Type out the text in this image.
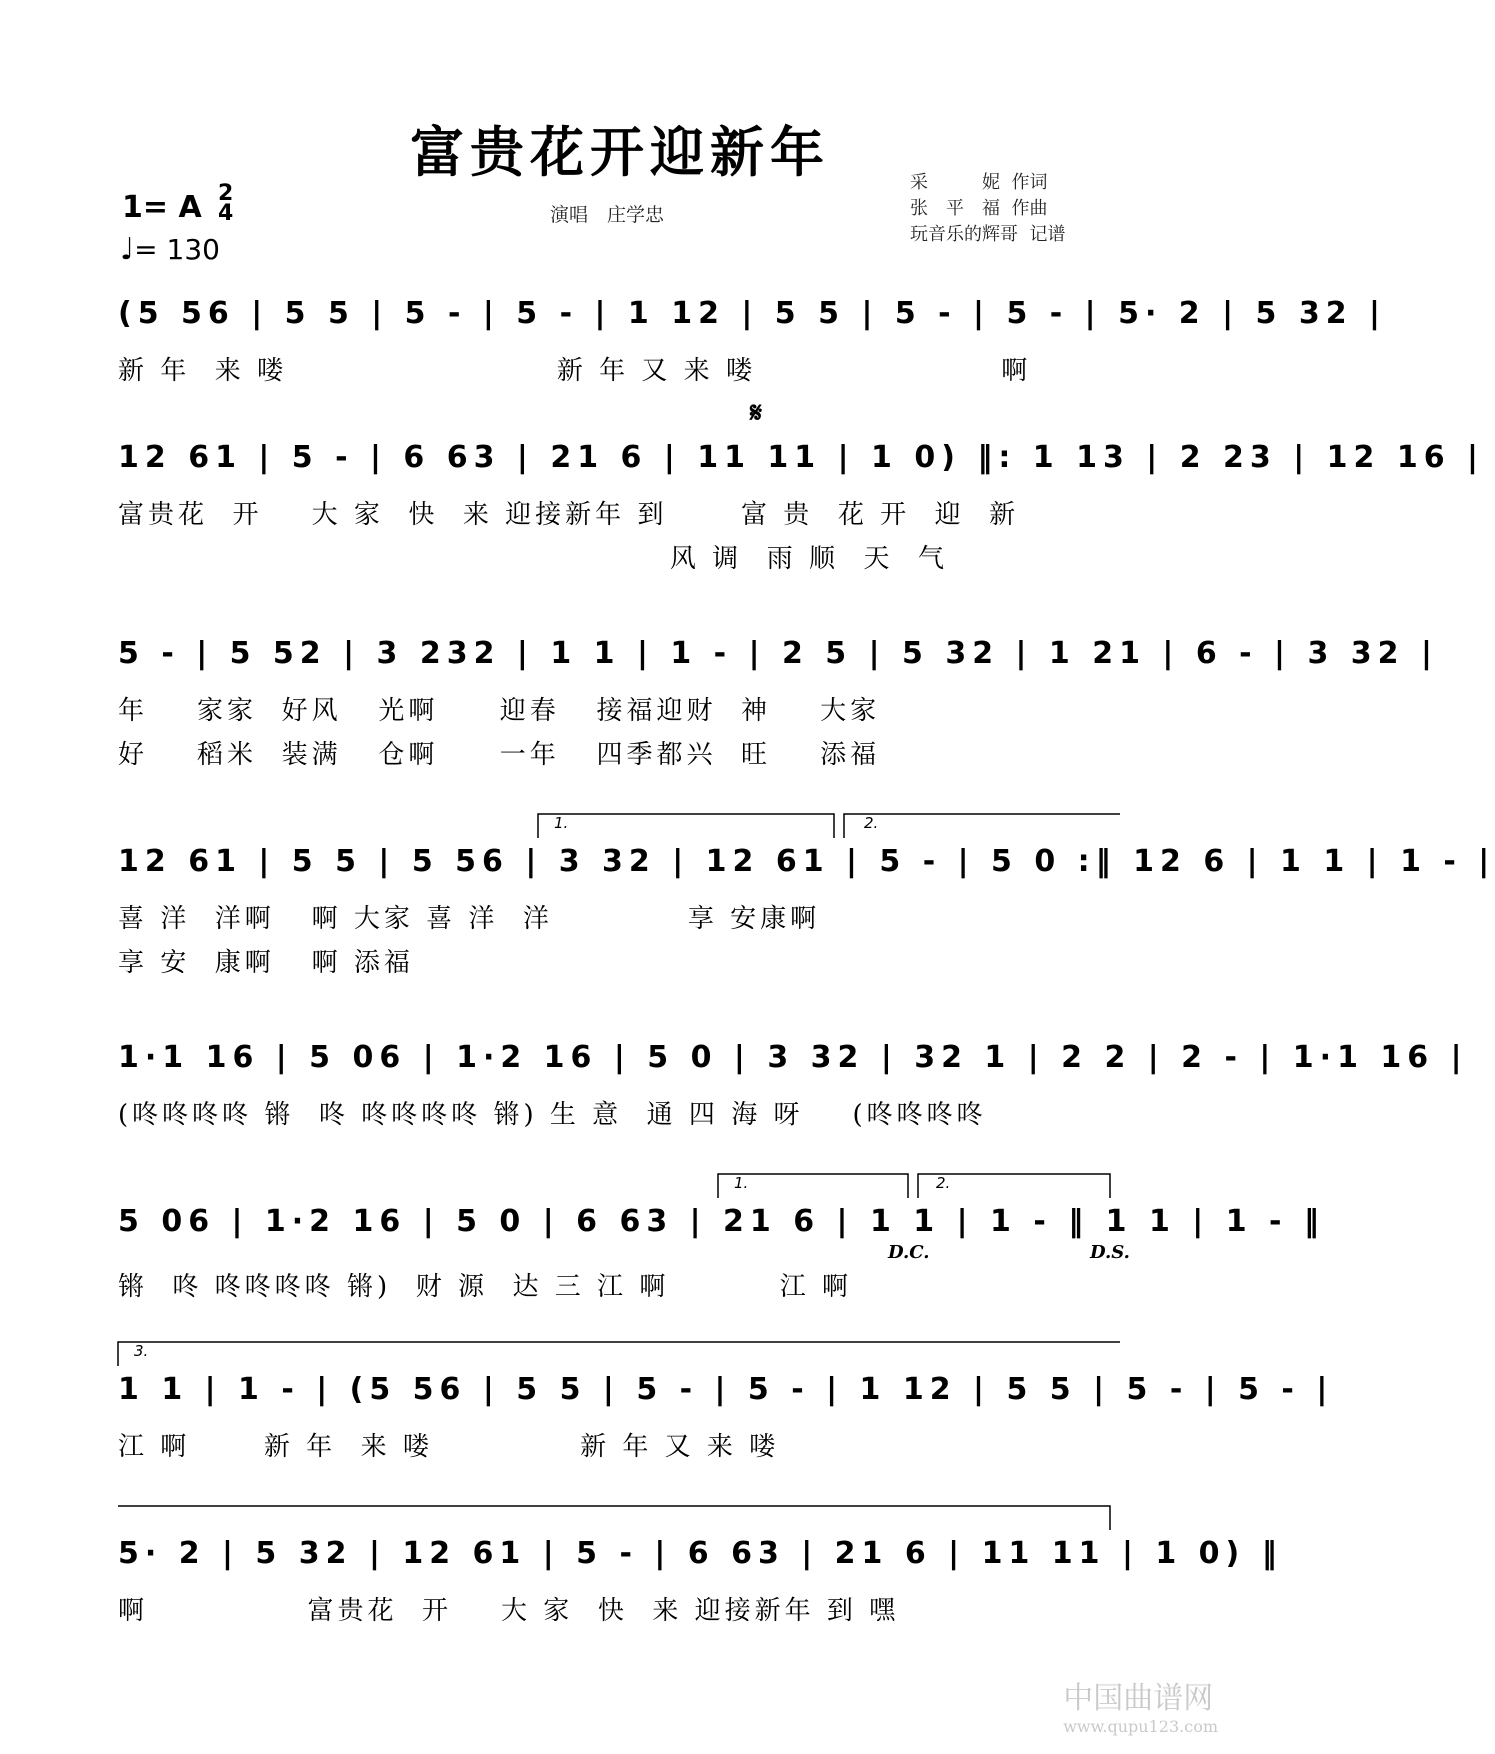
富贵花开迎新年
演唱　庄学忠
采　　　妮  作词
张　平　福  作曲
玩音乐的辉哥  记谱
1= A 2
4
♩= 130
(5 56 | 5 5 | 5 - | 5 - | 1 12 | 5 5 | 5 - | 5 - | 5· 2 | 5 32 |
新 年  来 喽                      新 年 又 来 喽                    啊
𝄋
12 61 | 5 - | 6 63 | 21 6 | 11 11 | 1 0) ‖: 1 13 | 2 23 | 12 16 |
富贵花  开    大 家  快  来 迎接新年 到      富 贵  花 开  迎  新
风 调  雨 顺  天  气
5 - | 5 52 | 3 232 | 1 1 | 1 - | 2 5 | 5 32 | 1 21 | 6 - | 3 32 |
年    家家  好风   光啊     迎春   接福迎财  神    大家
好    稻米  装满   仓啊     一年   四季都兴  旺    添福
1.	2.
12 61 | 5 5 | 5 56 | 3 32 | 12 61 | 5 - | 5 0 :‖ 12 6 | 1 1 | 1 - |
喜 洋  洋啊   啊 大家 喜 洋  洋           享 安康啊
享 安  康啊   啊 添福
1·1 16 | 5 06 | 1·2 16 | 5 0 | 3 32 | 32 1 | 2 2 | 2 - | 1·1 16 |
(咚咚咚咚 锵  咚 咚咚咚咚 锵) 生 意  通 四 海 呀    (咚咚咚咚
1.	2.
5 06 | 1·2 16 | 5 0 | 6 63 | 21 6 | 1 1 | 1 - ‖ 1 1 | 1 - ‖
D.C.	D.S.
锵  咚 咚咚咚咚 锵)  财 源  达 三 江 啊         江 啊
3.
1 1 | 1 - | (5 56 | 5 5 | 5 - | 5 - | 1 12 | 5 5 | 5 - | 5 - |
江 啊      新 年  来 喽            新 年 又 来 喽
5· 2 | 5 32 | 12 61 | 5 - | 6 63 | 21 6 | 11 11 | 1 0) ‖
啊             富贵花  开    大 家  快  来 迎接新年 到 嘿
中国曲谱网
www.qupu123.com
